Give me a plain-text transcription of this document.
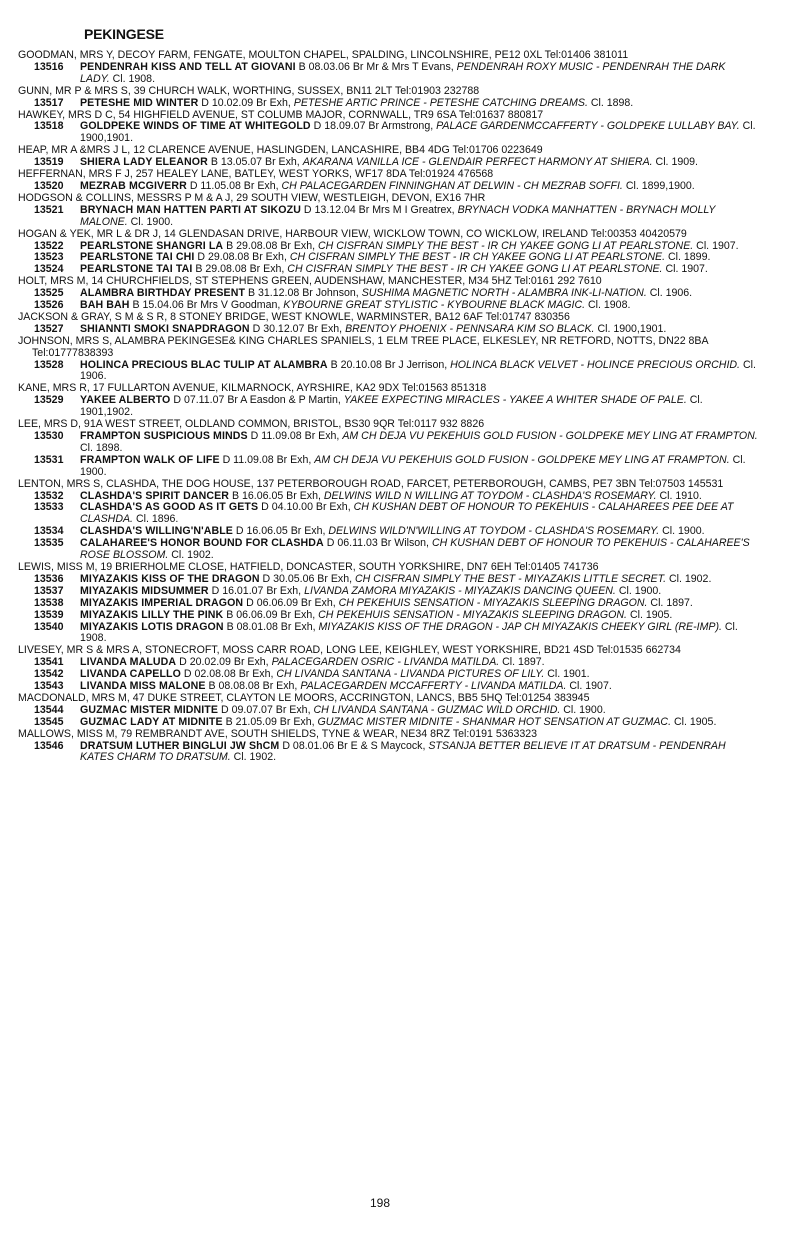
PEKINGESE
GOODMAN, MRS Y, DECOY FARM, FENGATE, MOULTON CHAPEL, SPALDING, LINCOLNSHIRE, PE12 0XL Tel:01406 381011
13516 PENDENRAH KISS AND TELL AT GIOVANI B 08.03.06 Br Mr & Mrs T Evans, PENDENRAH ROXY MUSIC - PENDENRAH THE DARK LADY. Cl. 1908.
GUNN, MR P & MRS S, 39 CHURCH WALK, WORTHING, SUSSEX, BN11 2LT Tel:01903 232788
13517 PETESHE MID WINTER D 10.02.09 Br Exh, PETESHE ARTIC PRINCE - PETESHE CATCHING DREAMS. Cl. 1898.
HAWKEY, MRS D C, 54 HIGHFIELD AVENUE, ST COLUMB MAJOR, CORNWALL, TR9 6SA Tel:01637 880817
13518 GOLDPEKE WINDS OF TIME AT WHITEGOLD D 18.09.07 Br Armstrong, PALACE GARDENMCCAFFERTY - GOLDPEKE LULLABY BAY. Cl. 1900,1901.
HEAP, MR A &MRS J L, 12 CLARENCE AVENUE, HASLINGDEN, LANCASHIRE, BB4 4DG Tel:01706 0223649
13519 SHIERA LADY ELEANOR B 13.05.07 Br Exh, AKARANA VANILLA ICE - GLENDAIR PERFECT HARMONY AT SHIERA. Cl. 1909.
HEFFERNAN, MRS F J, 257 HEALEY LANE, BATLEY, WEST YORKS, WF17 8DA Tel:01924 476568
13520 MEZRAB MCGIVERR D 11.05.08 Br Exh, CH PALACEGARDEN FINNINGHAN AT DELWIN - CH MEZRAB SOFFI. Cl. 1899,1900.
HODGSON & COLLINS, MESSRS P M & A J, 29 SOUTH VIEW, WESTLEIGH, DEVON, EX16 7HR
13521 BRYNACH MAN HATTEN PARTI AT SIKOZU D 13.12.04 Br Mrs M I Greatrex, BRYNACH VODKA MANHATTEN - BRYNACH MOLLY MALONE. Cl. 1900.
HOGAN & YEK, MR L & DR J, 14 GLENDASAN DRIVE, HARBOUR VIEW, WICKLOW TOWN, CO WICKLOW, IRELAND Tel:00353 40420579
13522 PEARLSTONE SHANGRI LA B 29.08.08 Br Exh, CH CISFRAN SIMPLY THE BEST - IR CH YAKEE GONG LI AT PEARLSTONE. Cl. 1907.
13523 PEARLSTONE TAI CHI D 29.08.08 Br Exh, CH CISFRAN SIMPLY THE BEST - IR CH YAKEE GONG LI AT PEARLSTONE. Cl. 1899.
13524 PEARLSTONE TAI TAI B 29.08.08 Br Exh, CH CISFRAN SIMPLY THE BEST - IR CH YAKEE GONG LI AT PEARLSTONE. Cl. 1907.
HOLT, MRS M, 14 CHURCHFIELDS, ST STEPHENS GREEN, AUDENSHAW, MANCHESTER, M34 5HZ Tel:0161 292 7610
13525 ALAMBRA BIRTHDAY PRESENT B 31.12.08 Br Johnson, SUSHIMA MAGNETIC NORTH - ALAMBRA INK-LI-NATION. Cl. 1906.
13526 BAH BAH B 15.04.06 Br Mrs V Goodman, KYBOURNE GREAT STYLISTIC - KYBOURNE BLACK MAGIC. Cl. 1908.
JACKSON & GRAY, S M & S R, 8 STONEY BRIDGE, WEST KNOWLE, WARMINSTER, BA12 6AF Tel:01747 830356
13527 SHIANNTI SMOKI SNAPDRAGON D 30.12.07 Br Exh, BRENTOY PHOENIX - PENNSARA KIM SO BLACK. Cl. 1900,1901.
JOHNSON, MRS S, ALAMBRA PEKINGESE& KING CHARLES SPANIELS, 1 ELM TREE PLACE, ELKESLEY, NR RETFORD, NOTTS, DN22 8BA Tel:01777838393
13528 HOLINCA PRECIOUS BLAC TULIP AT ALAMBRA B 20.10.08 Br J Jerrison, HOLINCA BLACK VELVET - HOLINCE PRECIOUS ORCHID. Cl. 1906.
KANE, MRS R, 17 FULLARTON AVENUE, KILMARNOCK, AYRSHIRE, KA2 9DX Tel:01563 851318
13529 YAKEE ALBERTO D 07.11.07 Br A Easdon & P Martin, YAKEE EXPECTING MIRACLES - YAKEE A WHITER SHADE OF PALE. Cl. 1901,1902.
LEE, MRS D, 91A WEST STREET, OLDLAND COMMON, BRISTOL, BS30 9QR Tel:0117 932 8826
13530 FRAMPTON SUSPICIOUS MINDS D 11.09.08 Br Exh, AM CH DEJA VU PEKEHUIS GOLD FUSION - GOLDPEKE MEY LING AT FRAMPTON. Cl. 1898.
13531 FRAMPTON WALK OF LIFE D 11.09.08 Br Exh, AM CH DEJA VU PEKEHUIS GOLD FUSION - GOLDPEKE MEY LING AT FRAMPTON. Cl. 1900.
LENTON, MRS S, CLASHDA, THE DOG HOUSE, 137 PETERBOROUGH ROAD, FARCET, PETERBOROUGH, CAMBS, PE7 3BN Tel:07503 145531
13532 CLASHDA'S SPIRIT DANCER B 16.06.05 Br Exh, DELWINS WILD N WILLING AT TOYDOM - CLASHDA'S ROSEMARY. Cl. 1910.
13533 CLASHDA'S AS GOOD AS IT GETS D 04.10.00 Br Exh, CH KUSHAN DEBT OF HONOUR TO PEKEHUIS - CALAHAREES PEE DEE AT CLASHDA. Cl. 1896.
13534 CLASHDA'S WILLING'N'ABLE D 16.06.05 Br Exh, DELWINS WILD'N'WILLING AT TOYDOM - CLASHDA'S ROSEMARY. Cl. 1900.
13535 CALAHAREE'S HONOR BOUND FOR CLASHDA D 06.11.03 Br Wilson, CH KUSHAN DEBT OF HONOUR TO PEKEHUIS - CALAHAREE'S ROSE BLOSSOM. Cl. 1902.
LEWIS, MISS M, 19 BRIERHOLME CLOSE, HATFIELD, DONCASTER, SOUTH YORKSHIRE, DN7 6EH Tel:01405 741736
13536 MIYAZAKIS KISS OF THE DRAGON D 30.05.06 Br Exh, CH CISFRAN SIMPLY THE BEST - MIYAZAKIS LITTLE SECRET. Cl. 1902.
13537 MIYAZAKIS MIDSUMMER D 16.01.07 Br Exh, LIVANDA ZAMORA MIYAZAKIS - MIYAZAKIS DANCING QUEEN. Cl. 1900.
13538 MIYAZAKIS IMPERIAL DRAGON D 06.06.09 Br Exh, CH PEKEHUIS SENSATION - MIYAZAKIS SLEEPING DRAGON. Cl. 1897.
13539 MIYAZAKIS LILLY THE PINK B 06.06.09 Br Exh, CH PEKEHUIS SENSATION - MIYAZAKIS SLEEPING DRAGON. Cl. 1905.
13540 MIYAZAKIS LOTIS DRAGON B 08.01.08 Br Exh, MIYAZAKIS KISS OF THE DRAGON - JAP CH MIYAZAKIS CHEEKY GIRL (RE-IMP). Cl. 1908.
LIVESEY, MR S & MRS A, STONECROFT, MOSS CARR ROAD, LONG LEE, KEIGHLEY, WEST YORKSHIRE, BD21 4SD Tel:01535 662734
13541 LIVANDA MALUDA D 20.02.09 Br Exh, PALACEGARDEN OSRIC - LIVANDA MATILDA. Cl. 1897.
13542 LIVANDA CAPELLO D 02.08.08 Br Exh, CH LIVANDA SANTANA - LIVANDA PICTURES OF LILY. Cl. 1901.
13543 LIVANDA MISS MALONE B 08.08.08 Br Exh, PALACEGARDEN MCCAFFERTY - LIVANDA MATILDA. Cl. 1907.
MACDONALD, MRS M, 47 DUKE STREET, CLAYTON LE MOORS, ACCRINGTON, LANCS, BB5 5HQ Tel:01254 383945
13544 GUZMAC MISTER MIDNITE D 09.07.07 Br Exh, CH LIVANDA SANTANA - GUZMAC WILD ORCHID. Cl. 1900.
13545 GUZMAC LADY AT MIDNITE B 21.05.09 Br Exh, GUZMAC MISTER MIDNITE - SHANMAR HOT SENSATION AT GUZMAC. Cl. 1905.
MALLOWS, MISS M, 79 REMBRANDT AVE, SOUTH SHIELDS, TYNE & WEAR, NE34 8RZ Tel:0191 5363323
13546 DRATSUM LUTHER BINGLUI JW ShCM D 08.01.06 Br E & S Maycock, STSANJA BETTER BELIEVE IT AT DRATSUM - PENDENRAH KATES CHARM TO DRATSUM. Cl. 1902.
198
